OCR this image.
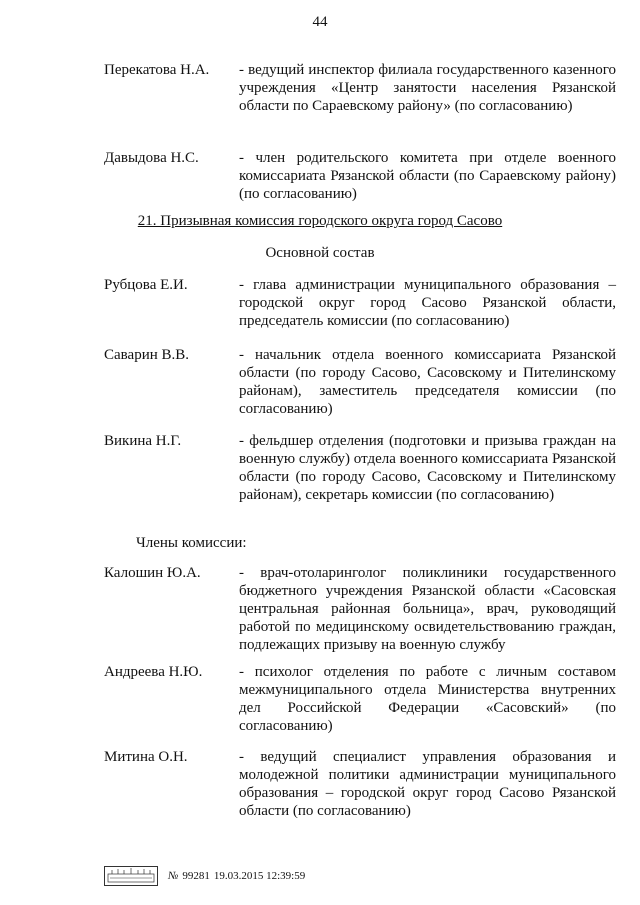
44
Перекатова Н.А.	- ведущий инспектор филиала государственного казенного учреждения «Центр занятости населения Рязанской области по Сараевскому району» (по согласованию)
Давыдова Н.С.	- член родительского комитета при отделе военного комиссариата Рязанской области (по Сараевскому району) (по согласованию)
21. Призывная комиссия городского округа город Сасово
Основной состав
Рубцова Е.И.	- глава администрации муниципального образования – городской округ город Сасово Рязанской области, председатель комиссии (по согласованию)
Саварин В.В.	- начальник отдела военного комиссариата Рязанской области (по городу Сасово, Сасовскому и Пителинскому районам), заместитель председателя комиссии (по согласованию)
Викина Н.Г.	- фельдшер отделения (подготовки и призыва граждан на военную службу) отдела военного комиссариата Рязанской области (по городу Сасово, Сасовскому и Пителинскому районам), секретарь комиссии (по согласованию)
Члены комиссии:
Калошин Ю.А.	- врач-отоларинголог поликлиники государственного бюджетного учреждения Рязанской области «Сасовская центральная районная больница», врач, руководящий работой по медицинскому освидетельствованию граждан, подлежащих призыву на военную службу
Андреева Н.Ю.	- психолог отделения по работе с личным составом межмуниципального отдела Министерства внутренних дел Российской Федерации «Сасовский» (по согласованию)
Митина О.Н.	- ведущий специалист управления образования и молодежной политики администрации муниципального образования – городской округ город Сасово Рязанской области (по согласованию)
№ 99281 19.03.2015 12:39:59
